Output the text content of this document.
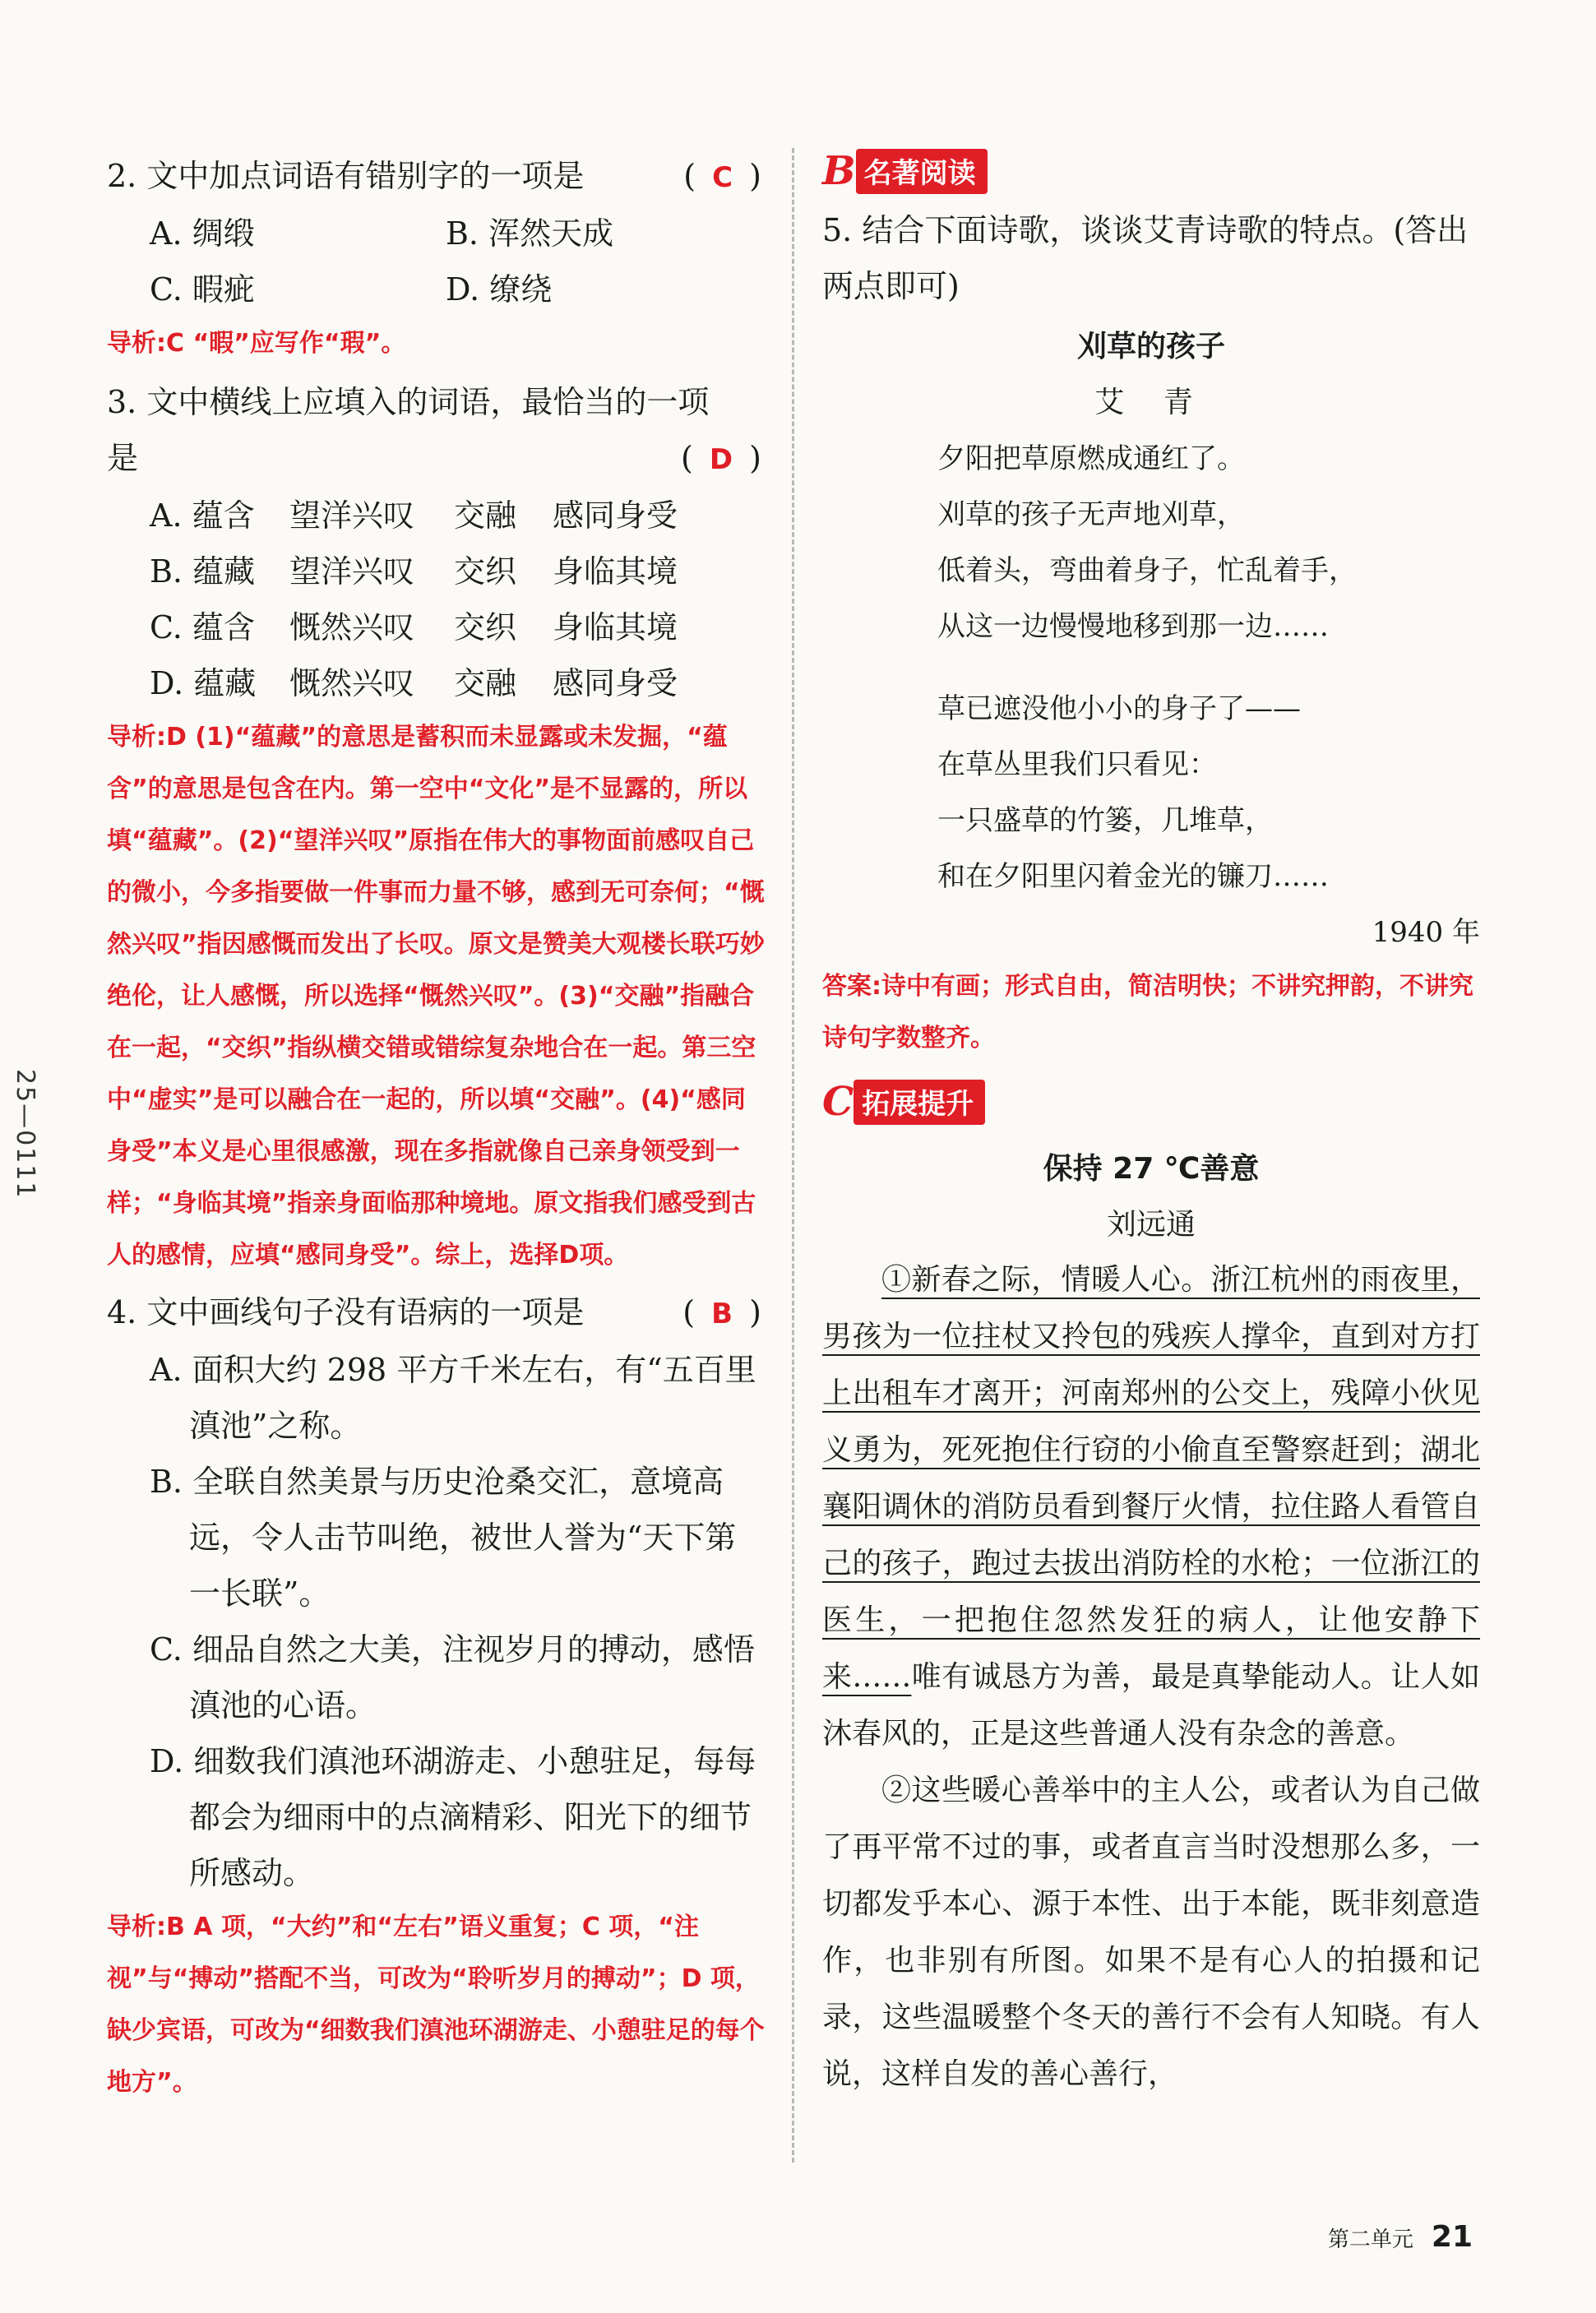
25—0111
2. 文中加点词语有错别字的一项是	( C )
A. 绸缎	B. 浑然天成
C. 暇疵	D. 缭绕
导析:C “暇”应写作“瑕”。
3. 文中横线上应填入的词语，最恰当的一项
是	( D )
A. 蕴含	望洋兴叹	交融	感同身受
B. 蕴藏	望洋兴叹	交织	身临其境
C. 蕴含	慨然兴叹	交织	身临其境
D. 蕴藏	慨然兴叹	交融	感同身受
导析:D (1)“蕴藏”的意思是蓄积而未显露或未发掘，“蕴含”的意思是包含在内。第一空中“文化”是不显露的，所以填“蕴藏”。(2)“望洋兴叹”原指在伟大的事物面前感叹自己的微小，今多指要做一件事而力量不够，感到无可奈何；“慨然兴叹”指因感慨而发出了长叹。原文是赞美大观楼长联巧妙绝伦，让人感慨，所以选择“慨然兴叹”。(3)“交融”指融合在一起，“交织”指纵横交错或错综复杂地合在一起。第三空中“虚实”是可以融合在一起的，所以填“交融”。(4)“感同身受”本义是心里很感激，现在多指就像自己亲身领受到一样；“身临其境”指亲身面临那种境地。原文指我们感受到古人的感情，应填“感同身受”。综上，选择D项。
4. 文中画线句子没有语病的一项是	( B )
A. 面积大约 298 平方千米左右，有“五百里滇池”之称。
B. 全联自然美景与历史沧桑交汇，意境高远，令人击节叫绝，被世人誉为“天下第一长联”。
C. 细品自然之大美，注视岁月的搏动，感悟滇池的心语。
D. 细数我们滇池环湖游走、小憩驻足，每每都会为细雨中的点滴精彩、阳光下的细节所感动。
导析:B A 项，“大约”和“左右”语义重复；C 项，“注视”与“搏动”搭配不当，可改为“聆听岁月的搏动”；D 项，缺少宾语，可改为“细数我们滇池环湖游走、小憩驻足的每个地方”。
B 名著阅读
5. 结合下面诗歌，谈谈艾青诗歌的特点。(答出两点即可)
刈草的孩子
艾 青
夕阳把草原燃成通红了。
刈草的孩子无声地刈草，
低着头，弯曲着身子，忙乱着手，
从这一边慢慢地移到那一边……
草已遮没他小小的身子了——
在草丛里我们只看见：
一只盛草的竹篓，几堆草，
和在夕阳里闪着金光的镰刀……
1940 年
答案:诗中有画；形式自由，简洁明快；不讲究押韵，不讲究诗句字数整齐。
C 拓展提升
保持 27 ℃善意
刘远通

①新春之际，情暖人心。浙江杭州的雨夜里，男孩为一位拄杖又拎包的残疾人撑伞，直到对方打上出租车才离开；河南郑州的公交上，残障小伙见义勇为，死死抱住行窃的小偷直至警察赶到；湖北襄阳调休的消防员看到餐厅火情，拉住路人看管自己的孩子，跑过去拔出消防栓的水枪；一位浙江的医生，一把抱住忽然发狂的病人，让他安静下来……唯有诚恳方为善，最是真挚能动人。让人如沐春风的，正是这些普通人没有杂念的善意。

②这些暖心善举中的主人公，或者认为自己做了再平常不过的事，或者直言当时没想那么多，一切都发乎本心、源于本性、出于本能，既非刻意造作，也非别有所图。如果不是有心人的拍摄和记录，这些温暖整个冬天的善行不会有人知晓。有人说，这样自发的善心善行，

第二单元 21
